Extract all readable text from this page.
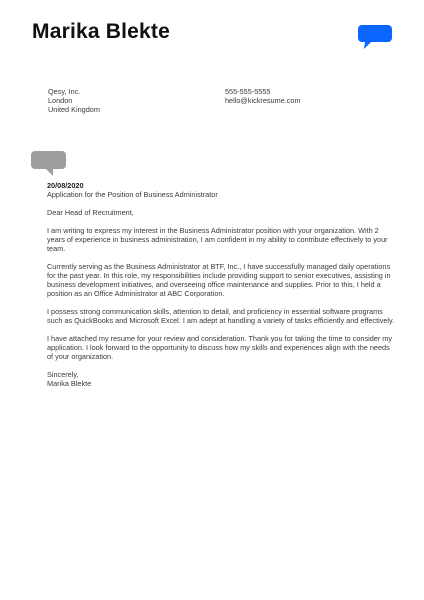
Marika Blekte
Qesy, Inc.
London
United Kingdom
555-555-5555
hello@kickresume.com
20/08/2020
Application for the Position of Business Administrator
Dear Head of Recruitment,
I am writing to express my interest in the Business Administrator position with your organization. With 2 years of experience in business administration, I am confident in my ability to contribute effectively to your team.
Currently serving as the Business Administrator at BTF, Inc., I have successfully managed daily operations for the past year. In this role, my responsibilities include providing support to senior executives, assisting in business development initiatives, and overseeing office maintenance and supplies. Prior to this, I held a position as an Office Administrator at ABC Corporation.
I possess strong communication skills, attention to detail, and proficiency in essential software programs such as QuickBooks and Microsoft Excel. I am adept at handling a variety of tasks efficiently and effectively.
I have attached my resume for your review and consideration. Thank you for taking the time to consider my application. I look forward to the opportunity to discuss how my skills and experiences align with the needs of your organization.
Sincerely,
Marika Blekte
